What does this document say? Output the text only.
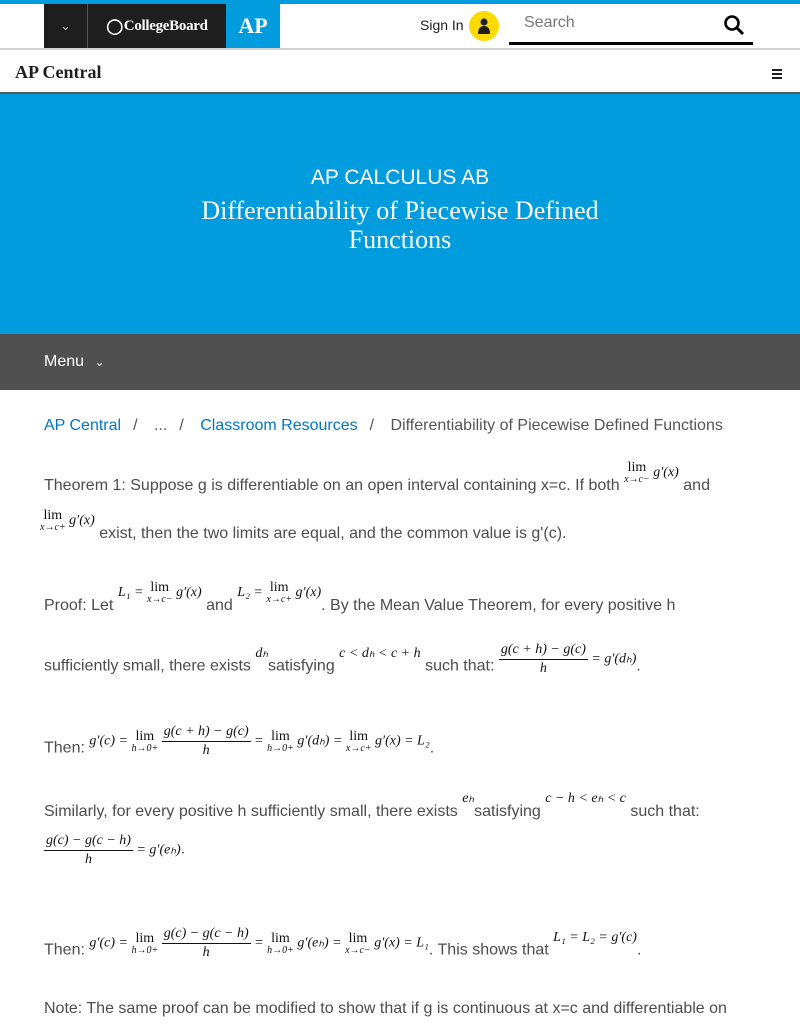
⌄ ◯  CollegeBoard	AP	Sign In	Search
AP Central
AP CALCULUS AB
Differentiability of Piecewise Defined Functions
Menu ⌄
AP Central / ... / Classroom Resources / Differentiability of Piecewise Defined Functions
Theorem 1: Suppose g is differentiable on an open interval containing x=c. If both lim
x→c− g′(x) and
lim
x→c+ g′(x) exist, then the two limits are equal, and the common value is g'(c).
Proof: Let L₁ = lim
x→c− g′(x) and L₂ = lim
x→c+ g′(x). By the Mean Value Theorem, for every positive h
sufficiently small, there exists dₕsatisfying c < dₕ < c + h such that: $\frac{g(c + h) - g(c)}{h} = g'(d_h)$.
Then: g′(c) = lim
h→0+
$\frac{g(c + h) - g(c)}{h} = \lim$
h→0+ g′(dₕ) = lim
x→c+ g′(x) = L₂.
Similarly, for every positive h sufficiently small, there exists eₕsatisfying c − h < eₕ < c such that:
$\frac{g(c) - g(c - h)}{h} = g'(e_h)$.
Then: g′(c) = lim
h→0+
$\frac{g(c) - g(c - h)}{h} = \lim$
h→0+ g′(eₕ) = lim
x→c− g′(x) = L₁. This shows that L₁ = L₂ = g′(c).
Note: The same proof can be modified to show that if g is continuous at x=c and differentiable on
